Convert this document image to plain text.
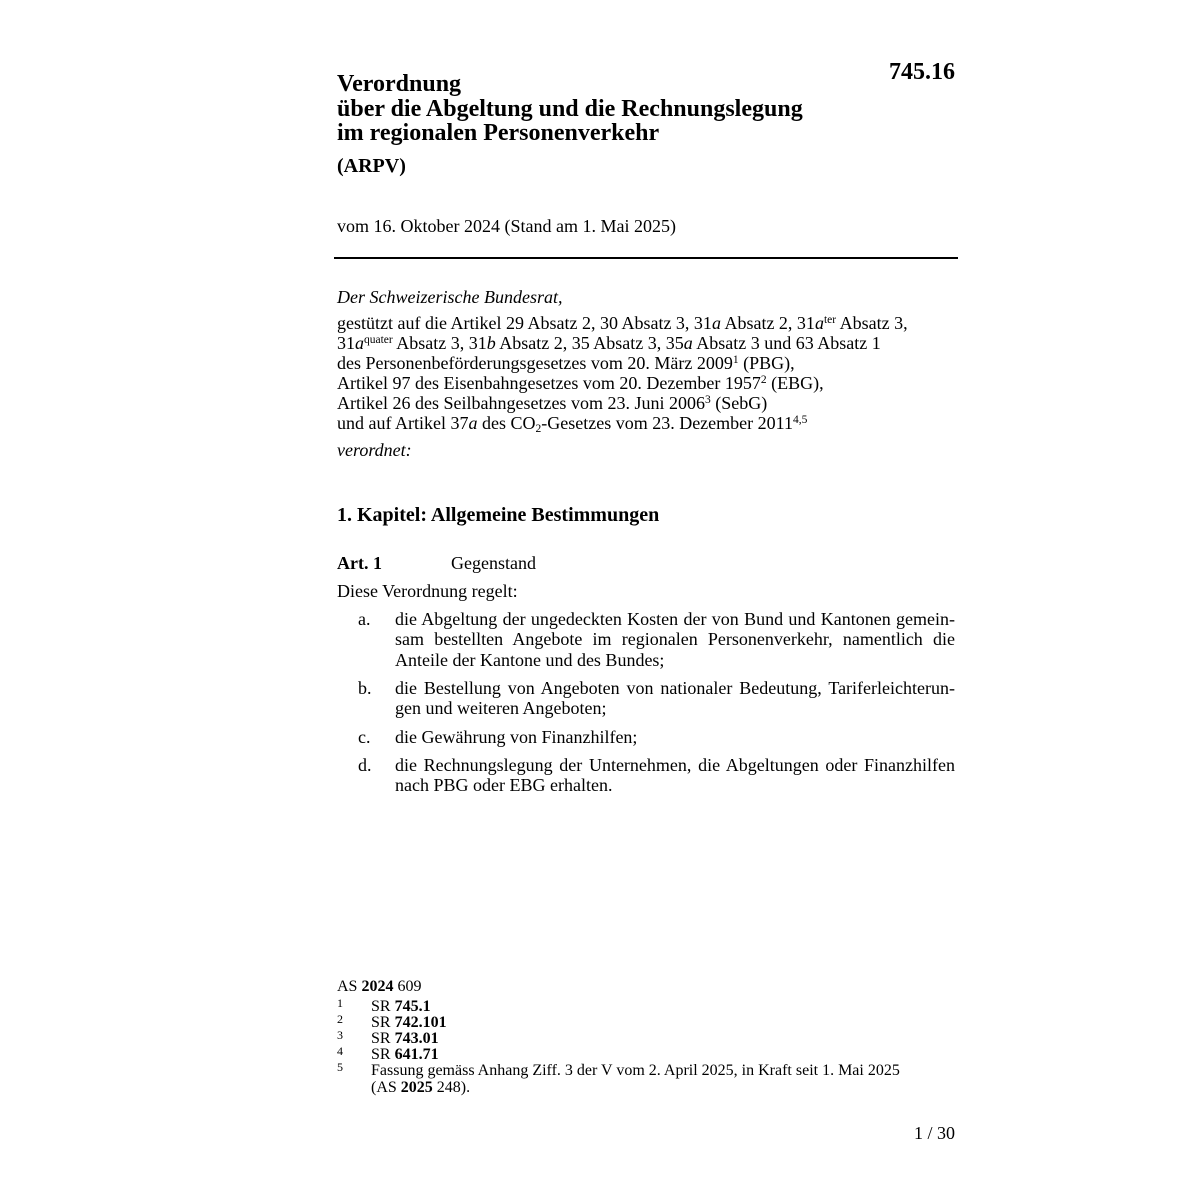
745.16
Verordnung
über die Abgeltung und die Rechnungslegung
im regionalen Personenverkehr
(ARPV)
vom 16. Oktober 2024 (Stand am 1. Mai 2025)
Der Schweizerische Bundesrat,
gestützt auf die Artikel 29 Absatz 2, 30 Absatz 3, 31a Absatz 2, $31a^{ter}$ Absatz 3,
$31a^{quater}$ Absatz 3, 31b Absatz 2, 35 Absatz 3, 35a Absatz 3 und 63 Absatz 1
des Personenbeförderungsgesetzes vom 20. März 2009$^1$ (PBG),
Artikel 97 des Eisenbahngesetzes vom 20. Dezember 1957$^2$ (EBG),
Artikel 26 des Seilbahngesetzes vom 23. Juni 2006$^3$ (SebG)
und auf Artikel 37a des $CO_2$-Gesetzes vom 23. Dezember 2011$^{4,5}$
verordnet:
1. Kapitel: Allgemeine Bestimmungen
Art. 1	Gegenstand
Diese Verordnung regelt:
a. die Abgeltung der ungedeckten Kosten der von Bund und Kantonen gemein-
sam bestellten Angebote im regionalen Personenverkehr, namentlich die
Anteile der Kantone und des Bundes;
b. die Bestellung von Angeboten von nationaler Bedeutung, Tariferleichterun-
gen und weiteren Angeboten;
c. die Gewährung von Finanzhilfen;
d. die Rechnungslegung der Unternehmen, die Abgeltungen oder Finanzhilfen
nach PBG oder EBG erhalten.
AS 2024 609
1 SR 745.1
2 SR 742.101
3 SR 743.01
4 SR 641.71
5 Fassung gemäss Anhang Ziff. 3 der V vom 2. April 2025, in Kraft seit 1. Mai 2025
(AS 2025 248).
1 / 30
